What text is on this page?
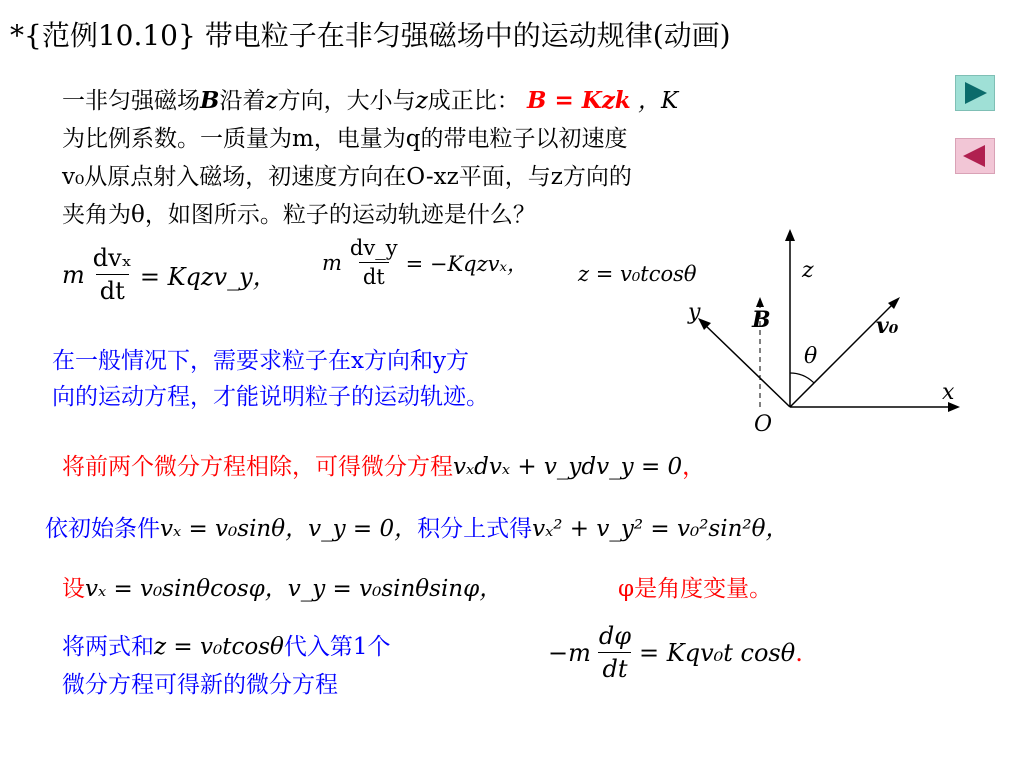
*{范例10.10} 带电粒子在非匀强磁场中的运动规律(动画)
一非匀强磁场B沿着z方向，大小与z成正比： B = Kzk ，K
为比例系数。一质量为m，电量为q的带电粒子以初速度
v₀从原点射入磁场，初速度方向在O-xz平面，与z方向的
夹角为θ，如图所示。粒子的运动轨迹是什么？
m $\frac{\text{dvₓ}}{dt}$ = Kqzv_y，
m $\frac{dv\_y}{dt}$ = −Kqzvₓ， z = v₀tcosθ	z
y
x
O
B	v₀
θ
在一般情况下，需要求粒子在x方向和y方
向的运动方程，才能说明粒子的运动轨迹。
将前两个微分方程相除，可得微分方程vₓdvₓ + v_ydv_y = 0，
依初始条件vₓ = v₀sinθ，v_y = 0，积分上式得vₓ² + v_y² = v₀²sin²θ，
设vₓ = v₀sinθcosφ，v_y = v₀sinθsinφ，	φ是角度变量。
将两式和z = v₀tcosθ代入第1个
微分方程可得新的微分方程
$-m \frac{d\varphi}{dt} = Kqv_0t$ cosθ .
